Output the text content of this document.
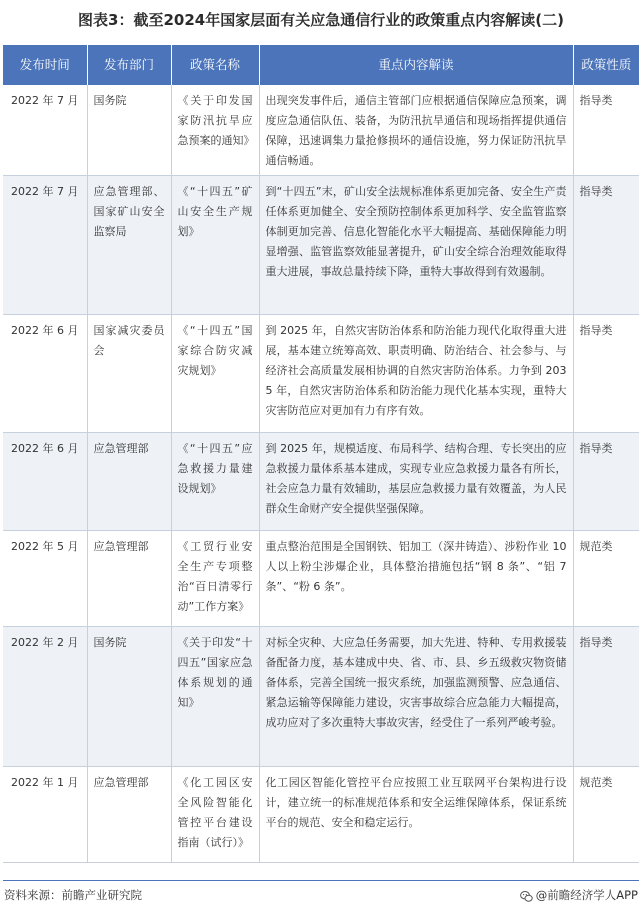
图表3：截至2024年国家层面有关应急通信行业的政策重点内容解读(二)
发布时间	发布部门	政策名称	重点内容解读	政策性质
2022 年 7 月	国务院	《关于印发国家防汛抗旱应急预案的通知》	出现突发事件后，通信主管部门应根据通信保障应急预案，调度应急通信队伍、装备，为防汛抗旱通信和现场指挥提供通信保障，迅速调集力量抢修损坏的通信设施，努力保证防汛抗旱通信畅通。	指导类
2022 年 7 月	应急管理部、国家矿山安全监察局	《“十四五”矿山安全生产规划》	到“十四五”末，矿山安全法规标准体系更加完备、安全生产责任体系更加健全、安全预防控制体系更加科学、安全监管监察体制更加完善、信息化智能化水平大幅提高、基础保障能力明显增强、监管监察效能显著提升，矿山安全综合治理效能取得重大进展，事故总量持续下降，重特大事故得到有效遏制。	指导类
2022 年 6 月	国家减灾委员会	《“十四五”国家综合防灾减灾规划》	到 2025 年，自然灾害防治体系和防治能力现代化取得重大进展，基本建立统筹高效、职责明确、防治结合、社会参与、与经济社会高质量发展相协调的自然灾害防治体系。力争到 2035 年，自然灾害防治体系和防治能力现代化基本实现，重特大灾害防范应对更加有力有序有效。	指导类
2022 年 6 月	应急管理部	《“十四五”应急救援力量建设规划》	到 2025 年，规模适度、布局科学、结构合理、专长突出的应急救援力量体系基本建成，实现专业应急救援力量各有所长，社会应急力量有效辅助，基层应急救援力量有效覆盖，为人民群众生命财产安全提供坚强保障。	指导类
2022 年 5 月	应急管理部	《工贸行业安全生产专项整治“百日清零行动”工作方案》	重点整治范围是全国钢铁、铝加工（深井铸造）、涉粉作业 10 人以上粉尘涉爆企业，具体整治措施包括“钢 8 条”、“铝 7 条”、“粉 6 条”。	规范类
2022 年 2 月	国务院	《关于印发“十四五”国家应急体系规划的通知》	对标全灾种、大应急任务需要，加大先进、特种、专用救援装备配备力度，基本建成中央、省、市、县、乡五级救灾物资储备体系，完善全国统一报灾系统，加强监测预警、应急通信、紧急运输等保障能力建设，灾害事故综合应急能力大幅提高，成功应对了多次重特大事故灾害，经受住了一系列严峻考验。	指导类
2022 年 1 月	应急管理部	《化工园区安全风险智能化管控平台建设指南（试行）》	化工园区智能化管控平台应按照工业互联网平台架构进行设计，建立统一的标准规范体系和安全运维保障体系，保证系统平台的规范、安全和稳定运行。	规范类
资料来源：前瞻产业研究院	@前瞻经济学人APP
